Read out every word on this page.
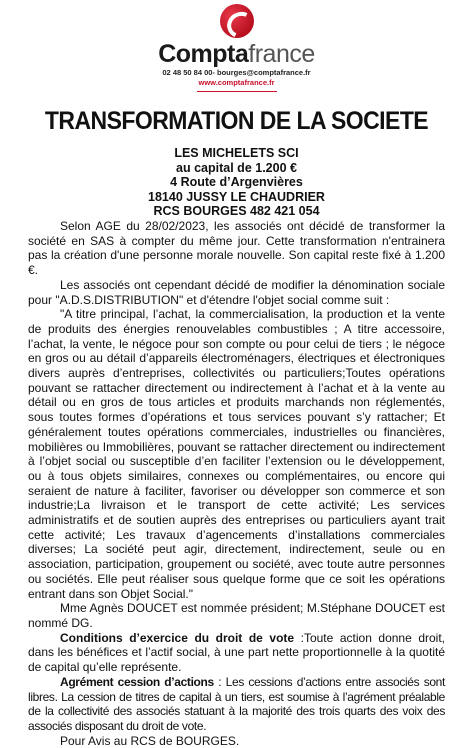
Comptafrance
02 48 50 84 00- bourges@comptafrance.fr
www.comptafrance.fr
TRANSFORMATION DE LA SOCIETE
LES MICHELETS SCI
au capital de 1.200 €
4 Route d’Argenvières
18140 JUSSY LE CHAUDRIER
RCS BOURGES 482 421 054

Selon AGE du 28/02/2023, les associés ont décidé de transformer la société en SAS à compter du même jour. Cette transformation n'entrainera pas la création d'une personne morale nouvelle. Son capital reste fixé à 1.200 €.

Les associés ont cependant décidé de modifier la dénomination sociale pour "A.D.S.DISTRIBUTION" et d'étendre l'objet social comme suit :

"A titre principal, l’achat, la commercialisation, la production et la vente de produits des énergies renouvelables combustibles ; A titre accessoire, l’achat, la vente, le négoce pour son compte ou pour celui de tiers ; le négoce en gros ou au détail d’appareils électroménagers, électriques et électroniques divers auprès d’entreprises, collectivités ou particuliers;Toutes opérations pouvant se rattacher directement ou indirectement à l’achat et à la vente au détail ou en gros de tous articles et produits marchands non réglementés, sous toutes formes d’opérations et tous services pouvant s’y rattacher; Et généralement toutes opérations commerciales, industrielles ou financières, mobilières ou Immobilières, pouvant se rattacher directement ou indirectement à l’objet social ou susceptible d’en faciliter l’extension ou le développement, ou à tous objets similaires, connexes ou complémentaires, ou encore qui seraient de nature à faciliter, favoriser ou développer son commerce et son industrie;La livraison et le transport de cette activité; Les services administratifs et de soutien auprès des entreprises ou particuliers ayant trait cette activité; Les travaux d’agencements d’installations commerciales diverses; La société peut agir, directement, indirectement, seule ou en association, participation, groupement ou société, avec toute autre personnes ou sociétés. Elle peut réaliser sous quelque forme que ce soit les opérations entrant dans son Objet Social."

Mme Agnès DOUCET est nommée président; M.Stéphane DOUCET est nommé DG.

Conditions d’exercice du droit de vote :Toute action donne droit, dans les bénéfices et l’actif social, à une part nette proportionnelle à la quotité de capital qu’elle représente.

Agrément cession d’actions : Les cessions d’actions entre associés sont libres. La cession de titres de capital à un tiers, est soumise à l’agrément préalable de la collectivité des associés statuant à la majorité des trois quarts des voix des associés disposant du droit de vote.

Pour Avis au RCS de BOURGES.
